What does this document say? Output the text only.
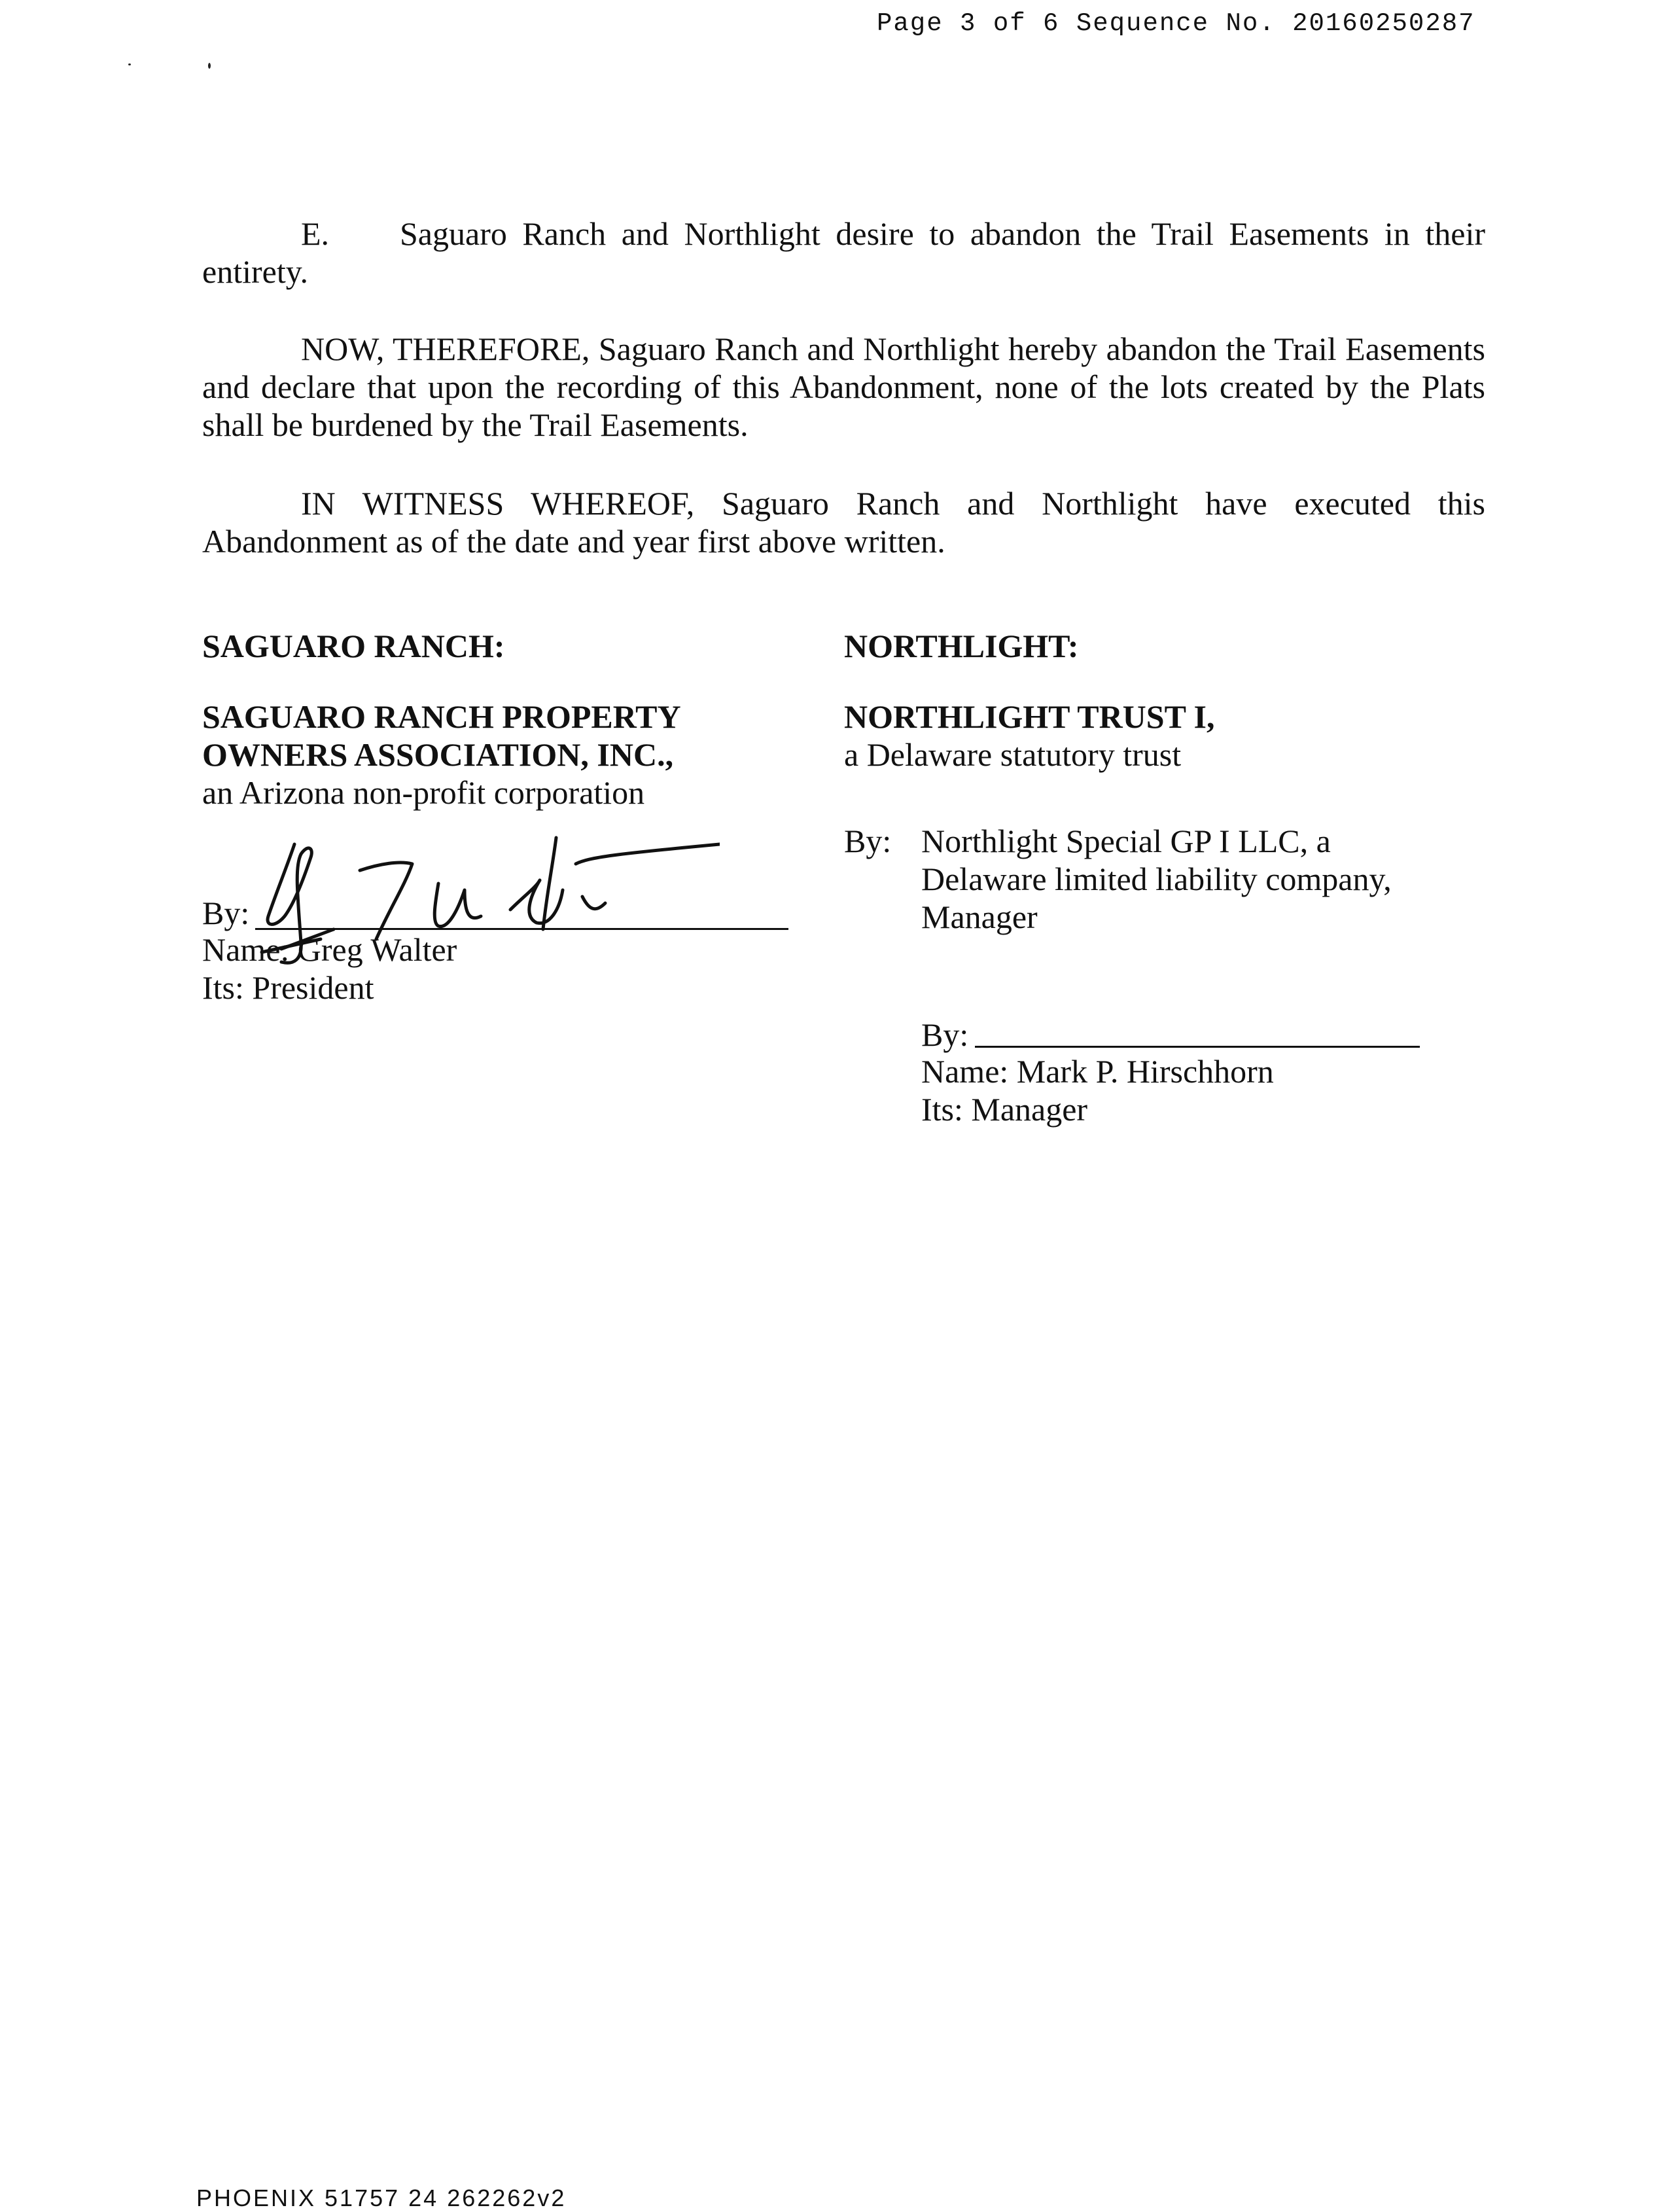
Page 3 of 6 Sequence No. 20160250287
E. Saguaro Ranch and Northlight desire to abandon the Trail Easements in their entirety.
NOW, THEREFORE, Saguaro Ranch and Northlight hereby abandon the Trail Easements and declare that upon the recording of this Abandonment, none of the lots created by the Plats shall be burdened by the Trail Easements.
IN WITNESS WHEREOF, Saguaro Ranch and Northlight have executed this Abandonment as of the date and year first above written.
SAGUARO RANCH:
SAGUARO RANCH PROPERTY
OWNERS ASSOCIATION, INC.,
an Arizona non-profit corporation
By:
Name: Greg Walter
Its: President
NORTHLIGHT:
NORTHLIGHT TRUST I,
a Delaware statutory trust
By: Northlight Special GP I LLC, a
Delaware limited liability company,
Manager
By:
Name: Mark P. Hirschhorn
Its: Manager
PHOENIX 51757 24 262262v2
